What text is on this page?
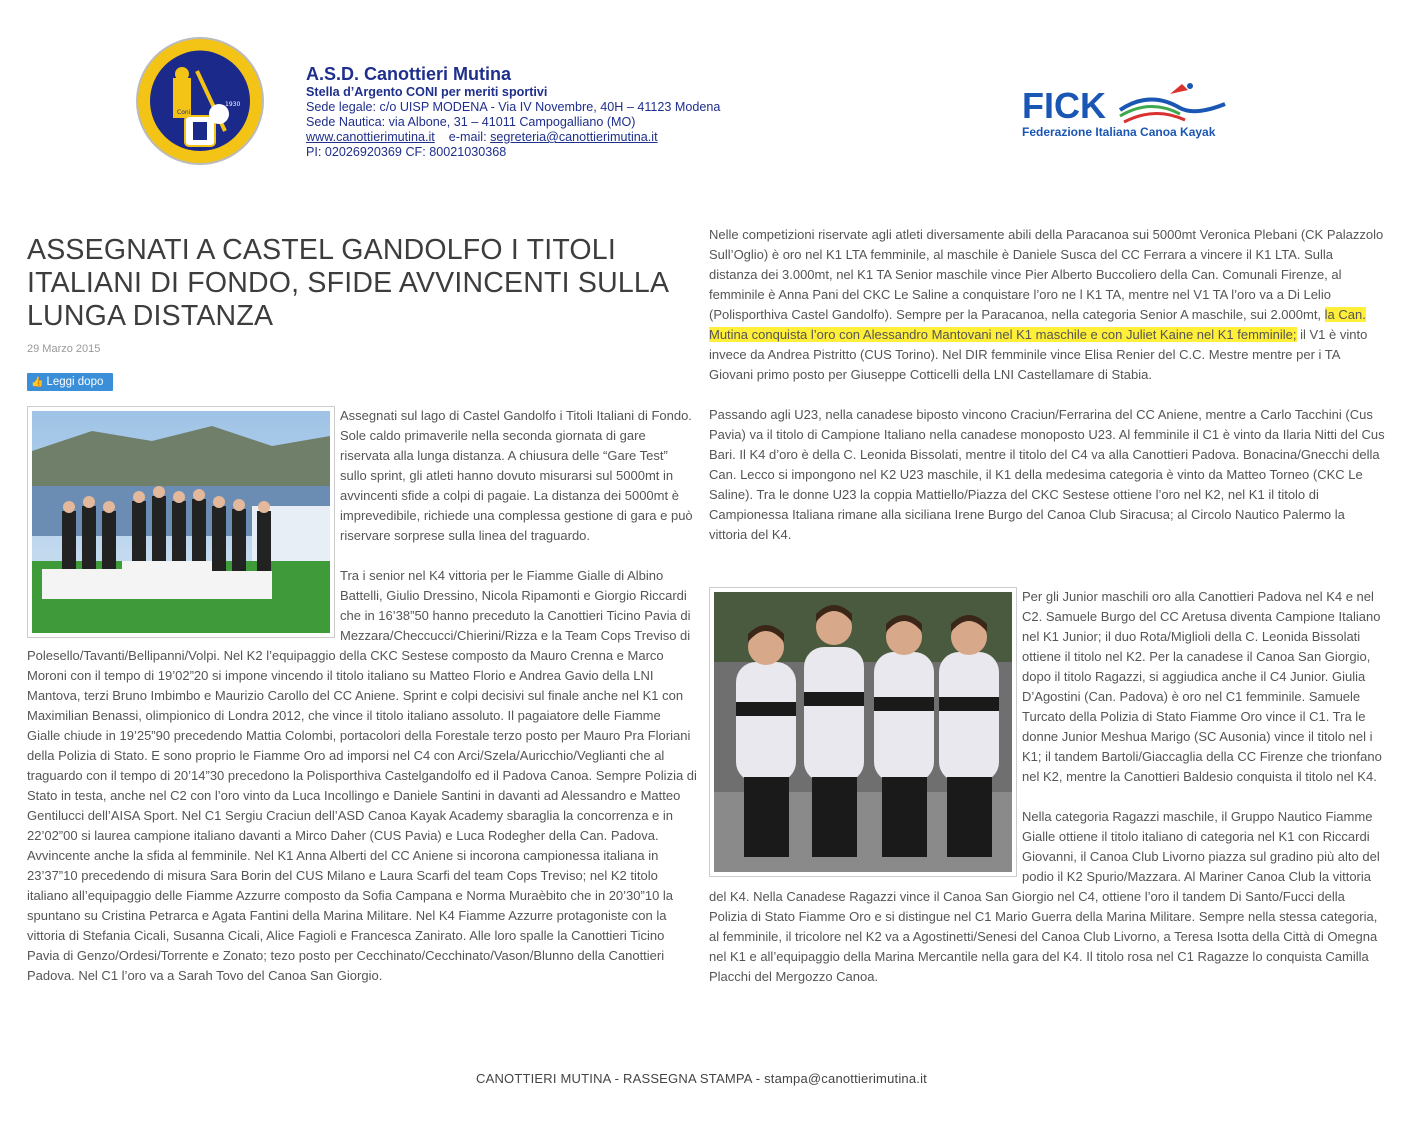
Coni
1930
A.S.D. Canottieri Mutina
Stella d’Argento CONI per meriti sportivi
Sede legale: c/o UISP MODENA - Via IV Novembre, 40H – 41123 Modena
Sede Nautica: via Albone, 31 – 41011 Campogalliano (MO)
www.canottierimutina.it e-mail: segreteria@canottierimutina.it
PI: 02026920369 CF: 80021030368
FICK
Federazione Italiana Canoa Kayak
ASSEGNATI A CASTEL GANDOLFO I TITOLI ITALIANI DI FONDO, SFIDE AVVINCENTI SULLA LUNGA DISTANZA
29 Marzo 2015
👍 Leggi dopo

Assegnati sul lago di Castel Gandolfo i Titoli Italiani di Fondo. Sole caldo primaverile nella seconda giornata di gare riservata alla lunga distanza. A chiusura delle “Gare Test” sullo sprint, gli atleti hanno dovuto misurarsi sul 5000mt in avvincenti sfide a colpi di pagaie. La distanza dei 5000mt è imprevedibile, richiede una complessa gestione di gara e può riservare sorprese sulla linea del traguardo.
Tra i senior nel K4 vittoria per le Fiamme Gialle di Albino Battelli, Giulio Dressino, Nicola Ripamonti e Giorgio Riccardi che in 16’38”50 hanno preceduto la Canottieri Ticino Pavia di Mezzara/Checcucci/Chierini/Rizza e la Team Cops Treviso di Polesello/Tavanti/Bellipanni/Volpi. Nel K2 l’equipaggio della CKC Sestese composto da Mauro Crenna e Marco Moroni con il tempo di 19’02”20 si impone vincendo il titolo italiano su Matteo Florio e Andrea Gavio della LNI Mantova, terzi Bruno Imbimbo e Maurizio Carollo del CC Aniene. Sprint e colpi decisivi sul finale anche nel K1 con Maximilian Benassi, olimpionico di Londra 2012, che vince il titolo italiano assoluto. Il pagaiatore delle Fiamme Gialle chiude in 19’25”90 precedendo Mattia Colombi, portacolori della Forestale terzo posto per Mauro Pra Floriani della Polizia di Stato. E sono proprio le Fiamme Oro ad imporsi nel C4 con Arci/Szela/Auricchio/Veglianti che al traguardo con il tempo di 20’14”30 precedono la Polisporthiva Castelgandolfo ed il Padova Canoa. Sempre Polizia di Stato in testa, anche nel C2 con l’oro vinto da Luca Incollingo e Daniele Santini in davanti ad Alessandro e Matteo Gentilucci dell’AISA Sport. Nel C1 Sergiu Craciun dell’ASD Canoa Kayak Academy sbaraglia la concorrenza e in 22’02”00 si laurea campione italiano davanti a Mirco Daher (CUS Pavia) e Luca Rodegher della Can. Padova. Avvincente anche la sfida al femminile. Nel K1 Anna Alberti del CC Aniene si incorona campionessa italiana in 23’37”10 precedendo di misura Sara Borin del CUS Milano e Laura Scarfi del team Cops Treviso; nel K2 titolo italiano all’equipaggio delle Fiamme Azzurre composto da Sofia Campana e Norma Muraèbito che in 20’30”10 la spuntano su Cristina Petrarca e Agata Fantini della Marina Militare. Nel K4 Fiamme Azzurre protagoniste con la vittoria di Stefania Cicali, Susanna Cicali, Alice Fagioli e Francesca Zanirato. Alle loro spalle la Canottieri Ticino Pavia di Genzo/Ordesi/Torrente e Zonato; tezo posto per Cecchinato/Cecchinato/Vason/Blunno della Canottieri Padova. Nel C1 l’oro va a Sarah Tovo del Canoa San Giorgio.

Nelle competizioni riservate agli atleti diversamente abili della Paracanoa sui 5000mt Veronica Plebani (CK Palazzolo Sull’Oglio) è oro nel K1 LTA femminile, al maschile è Daniele Susca del CC Ferrara a vincere il K1 LTA. Sulla distanza dei 3.000mt, nel K1 TA Senior maschile vince Pier Alberto Buccoliero della Can. Comunali Firenze, al femminile è Anna Pani del CKC Le Saline a conquistare l’oro ne l K1 TA, mentre nel V1 TA l’oro va a Di Lelio (Polisporthiva Castel Gandolfo). Sempre per la Paracanoa, nella categoria Senior A maschile, sui 2.000mt, la Can. Mutina conquista l’oro con Alessandro Mantovani nel K1 maschile e con Juliet Kaine nel K1 femminile; il V1 è vinto invece da Andrea Pistritto (CUS Torino). Nel DIR femminile vince Elisa Renier del C.C. Mestre mentre per i TA Giovani primo posto per Giuseppe Cotticelli della LNI Castellamare di Stabia.
Passando agli U23, nella canadese biposto vincono Craciun/Ferrarina del CC Aniene, mentre a Carlo Tacchini (Cus Pavia) va il titolo di Campione Italiano nella canadese monoposto U23. Al femminile il C1 è vinto da Ilaria Nitti del Cus Bari. Il K4 d’oro è della C. Leonida Bissolati, mentre il titolo del C4 va alla Canottieri Padova. Bonacina/Gnecchi della Can. Lecco si impongono nel K2 U23 maschile, il K1 della medesima categoria è vinto da Matteo Torneo (CKC Le Saline). Tra le donne U23 la coppia Mattiello/Piazza del CKC Sestese ottiene l’oro nel K2, nel K1 il titolo di Campionessa Italiana rimane alla siciliana Irene Burgo del Canoa Club Siracusa; al Circolo Nautico Palermo la vittoria del K4.

Per gli Junior maschili oro alla Canottieri Padova nel K4 e nel C2. Samuele Burgo del CC Aretusa diventa Campione Italiano nel K1 Junior; il duo Rota/Miglioli della C. Leonida Bissolati ottiene il titolo nel K2. Per la canadese il Canoa San Giorgio, dopo il titolo Ragazzi, si aggiudica anche il C4 Junior. Giulia D’Agostini (Can. Padova) è oro nel C1 femminile. Samuele Turcato della Polizia di Stato Fiamme Oro vince il C1. Tra le donne Junior Meshua Marigo (SC Ausonia) vince il titolo nel i K1; il tandem Bartoli/Giaccaglia della CC Firenze che trionfano nel K2, mentre la Canottieri Baldesio conquista il titolo nel K4.
Nella categoria Ragazzi maschile, il Gruppo Nautico Fiamme Gialle ottiene il titolo italiano di categoria nel K1 con Riccardi Giovanni, il Canoa Club Livorno piazza sul gradino più alto del podio il K2 Spurio/Mazzara. Al Mariner Canoa Club la vittoria del K4. Nella Canadese Ragazzi vince il Canoa San Giorgio nel C4, ottiene l’oro il tandem Di Santo/Fucci della Polizia di Stato Fiamme Oro e si distingue nel C1 Mario Guerra della Marina Militare. Sempre nella stessa categoria, al femminile, il tricolore nel K2 va a Agostinetti/Senesi del Canoa Club Livorno, a Teresa Isotta della Città di Omegna nel K1 e all’equipaggio della Marina Mercantile nella gara del K4. Il titolo rosa nel C1 Ragazze lo conquista Camilla Placchi del Mergozzo Canoa.

CANOTTIERI MUTINA - RASSEGNA STAMPA - stampa@canottierimutina.it
